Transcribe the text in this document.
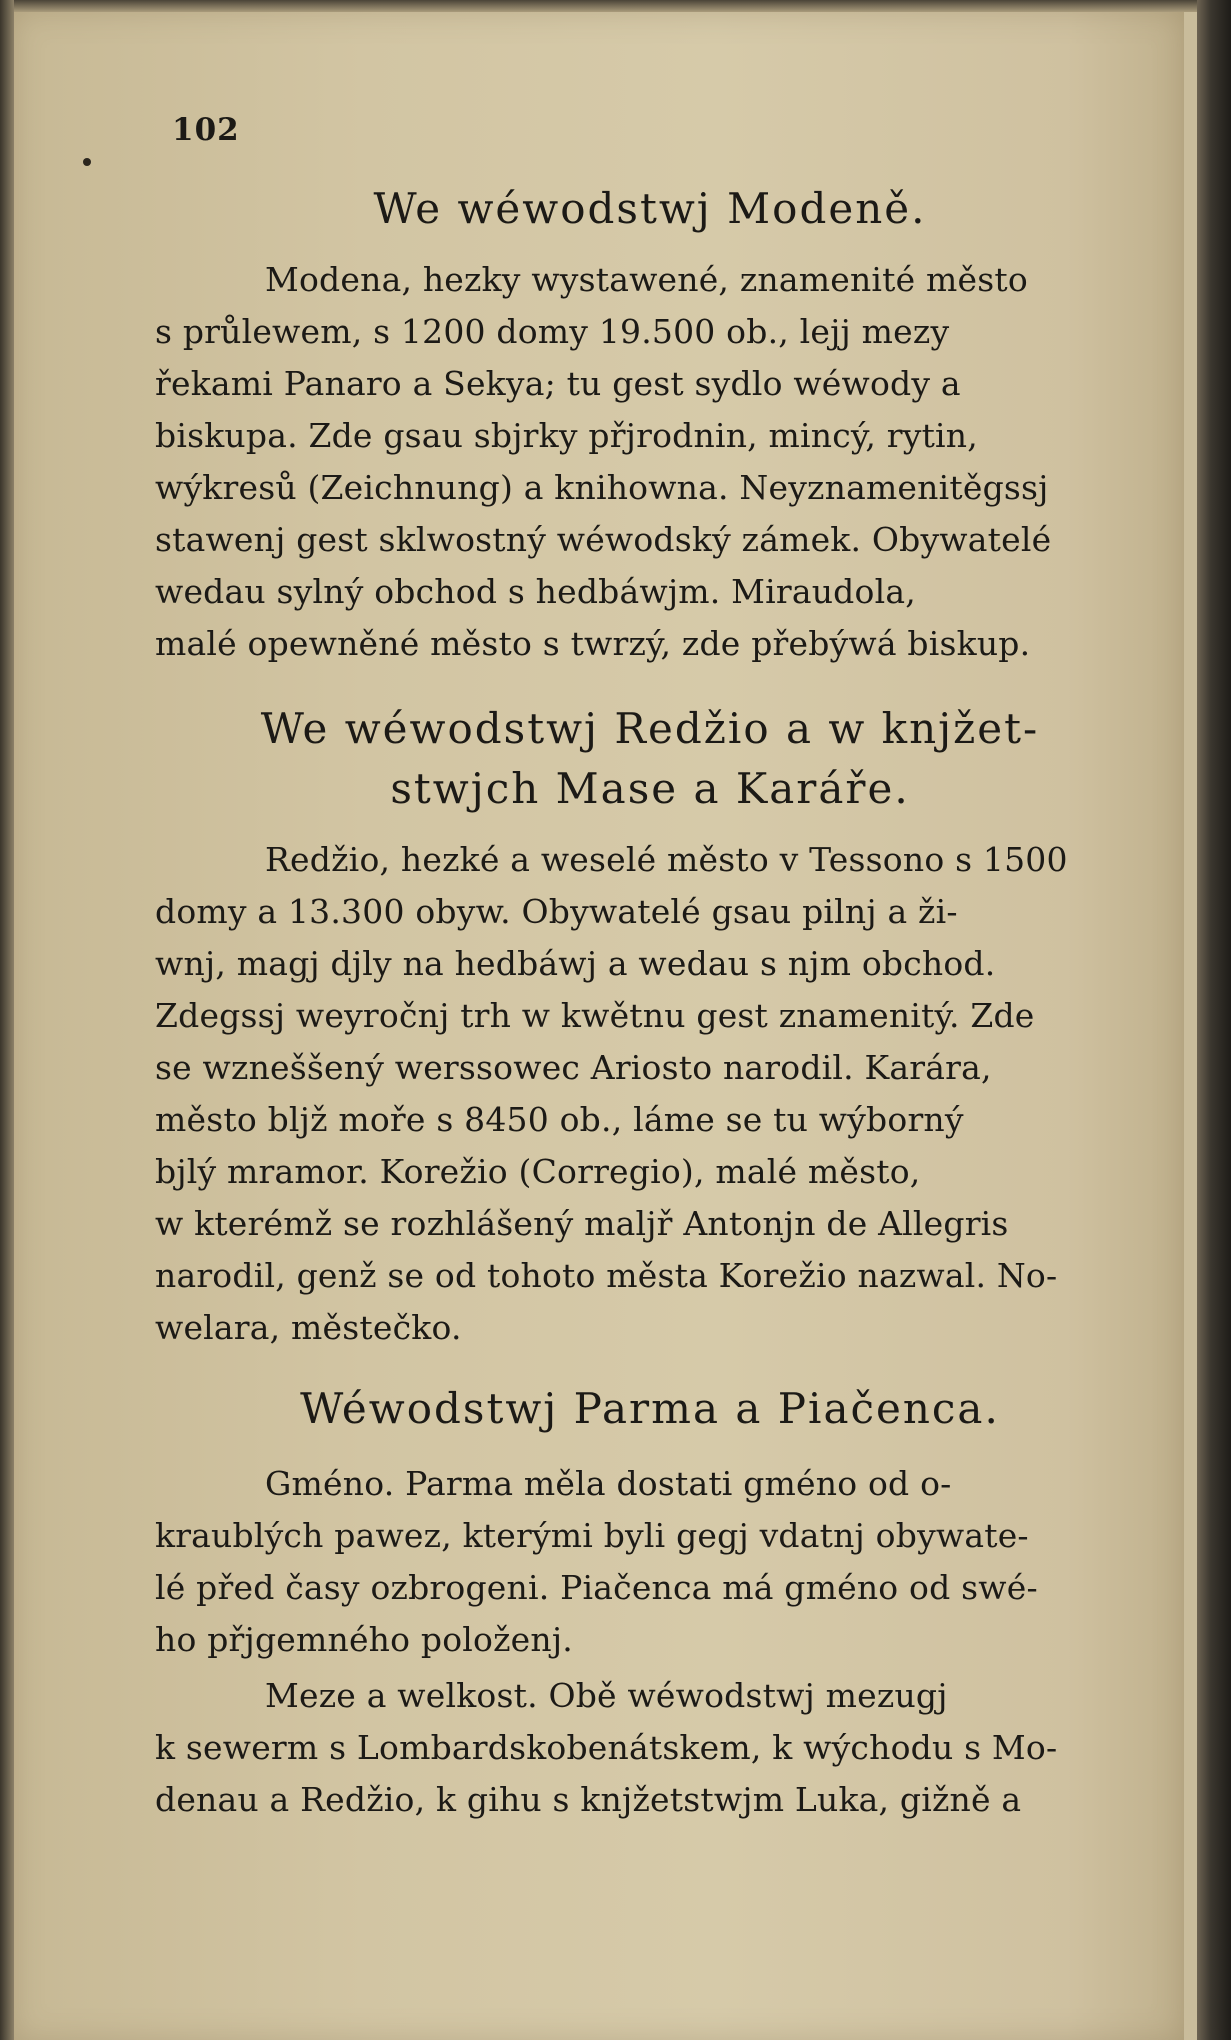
102
We wéwodstwj Modeně.
Modena, hezky wystawené, znamenité město
s průlewem, s 1200 domy 19.500 ob., lejj mezy
řekami Panaro a Sekya; tu gest sydlo wéwody a
biskupa. Zde gsau sbjrky přjrodnin, mincý, rytin,
wýkresů (Zeichnung) a knihowna. Neyznamenitěgssj
stawenj gest sklwostný wéwodský zámek. Obywatelé
wedau sylný obchod s hedbáwjm. Miraudola,
malé opewněné město s twrzý, zde přebýwá biskup.
We wéwodstwj Redžio a w knjžet-
stwjch Mase a Karáře.
Redžio, hezké a weselé město v Tessono s 1500
domy a 13.300 obyw. Obywatelé gsau pilnj a ži-
wnj, magj djly na hedbáwj a wedau s njm obchod.
Zdegssj weyročnj trh w kwětnu gest znamenitý. Zde
se wzneššený werssowec Ariosto narodil. Karára,
město bljž moře s 8450 ob., láme se tu wýborný
bjlý mramor. Korežio (Corregio), malé město,
w kterémž se rozhlášený maljř Antonjn de Allegris
narodil, genž se od tohoto města Korežio nazwal. No-
welara, městečko.
Wéwodstwj Parma a Piačenca.
Gméno. Parma měla dostati gméno od o-
kraublých pawez, kterými byli gegj vdatnj obywate-
lé před časy ozbrogeni. Piačenca má gméno od swé-
ho přjgemného položenj.
Meze a welkost. Obě wéwodstwj mezugj
k sewerm s Lombardskobenátskem, k wýchodu s Mo-
denau a Redžio, k gihu s knjžetstwjm Luka, gižně a
